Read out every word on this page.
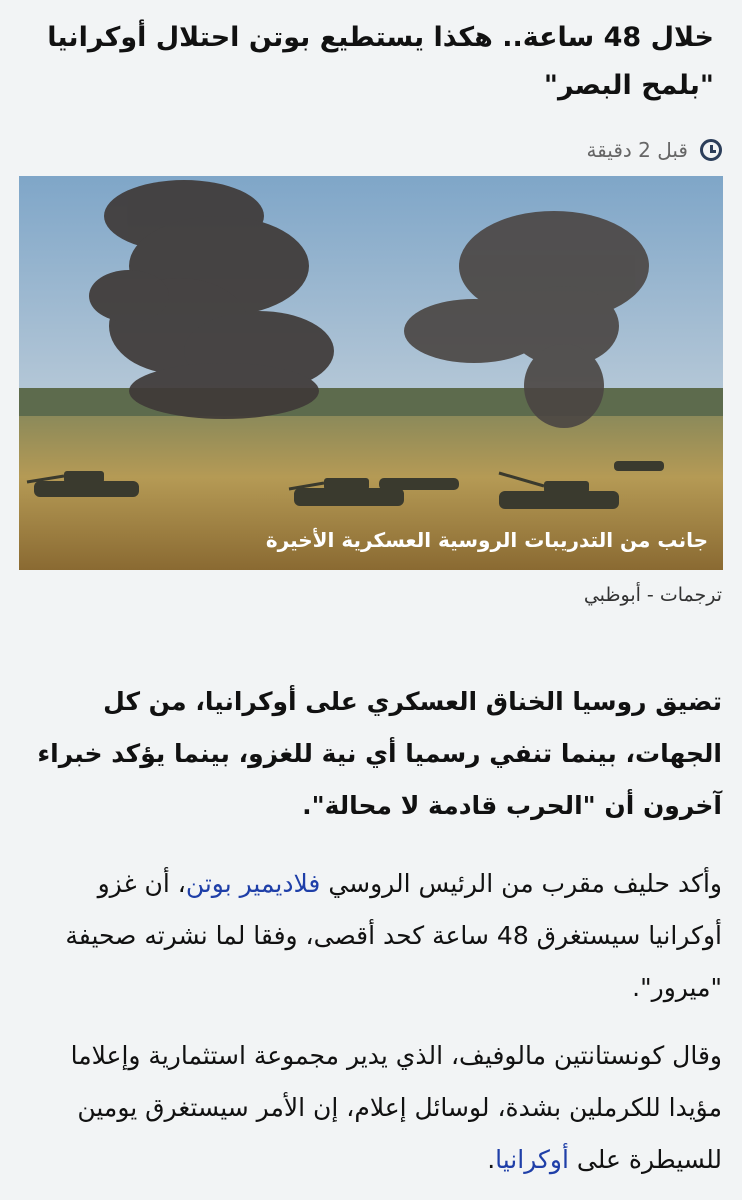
خلال 48 ساعة.. هكذا يستطيع بوتن احتلال أوكرانيا "بلمح البصر"
قبل 2 دقيقة
جانب من التدريبات الروسية العسكرية الأخيرة
ترجمات - أبوظبي

تضيق روسيا الخناق العسكري على أوكرانيا، من كل الجهات، بينما تنفي رسميا أي نية للغزو، بينما يؤكد خبراء آخرون أن "الحرب قادمة لا محالة".

وأكد حليف مقرب من الرئيس الروسي فلاديمير بوتن، أن غزو أوكرانيا سيستغرق 48 ساعة كحد أقصى، وفقا لما نشرته صحيفة "ميرور".

وقال كونستانتين مالوفيف، الذي يدير مجموعة استثمارية وإعلاما مؤيدا للكرملين بشدة، لوسائل إعلام، إن الأمر سيستغرق يومين للسيطرة على أوكرانيا.
